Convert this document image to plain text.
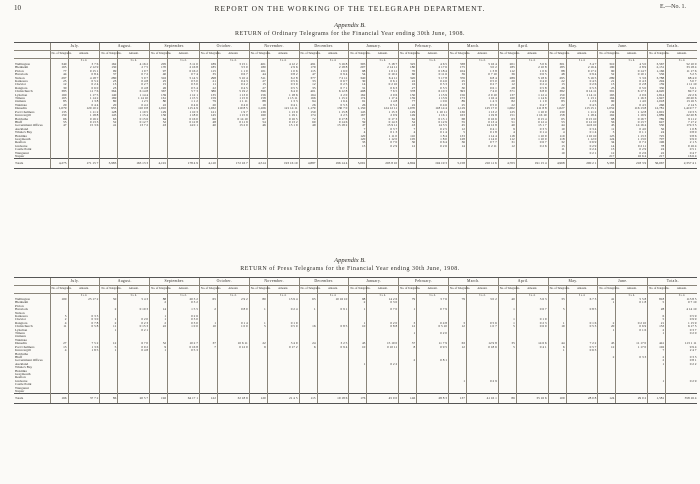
10	REPORT ON THE WORKING OF THE TELEGRAPH DEPARTMENT.	E.—No. 1.
Appendix B.
RETURN of Ordinary Telegrams for the Financial Year ending 30th June, 1908.
	July.		August.		September.		October.		November.		December.		January.		February.		March.		April.		May.		June.		Totals.	
	No. of Telegrams.	Amount.	No. of Telegrams.	Amount.	No. of Telegrams.	Amount.	No. of Telegrams.	Amount.	No. of Telegrams.	Amount.	No. of Telegrams.	Amount.	No. of Telegrams.	Amount.	No. of Telegrams.	Amount.	No. of Telegrams.	Amount.	No. of Telegrams.	Amount.	No. of Telegrams.	Amount.	No. of Telegrams.	Amount.	No. of Telegrams.	Amount.
		£ s. d.		£ s. d.		£ s. d.		£ s. d.		£ s. d.		£ s. d.		£ s. d.		£ s. d.		£ s. d.		£ s. d.		£ s. d.		£ s. d.		£ s. d.
Wellington	340	3 7 6	162	4 16 2	205	3 11 0	189	3 15 1	401	4 12 2	491	3 16 8	305	5 18 7	325	4 6 5	338	5 16 4	201	5 0 6	301	3 4 7	310	4 5 0	3,567	52 10 0
Blenheim	165	2 12 9	130	2 7 5	170	2 16 8	185	3 5 0	180	2 9 6	179	2 18 8	207	2 14 11	180	2 17 6	175	3 0 2	185	2 10 8	185	2 16 4	190	2 8 9	2,131	33 18 4
Picton	77	0 15 1	99	1 0 7	97	0 16 2	115	1 1 0	101	1 0 6	115	1 6 0	98	1 0 11	70	0 18 4	104	1 3 8	112	1 0 6	88	0 17 2	90	0 14 7	1,166	11 17 6
Havelock	44	0 8 4	37	0 7 2	40	0 7 4	35	0 6 7	44	0 8 2	47	0 9 4	54	0 10 2	60	0 11 6	39	0 7 10	36	0 6 5	48	0 9 4	52	0 10 1	536	5 2 3
Nelson	297	4 18 7	280	5 0 7	316	5 14 5	298	5 10 4	311	6 2 8	377	7 2 11	340	6 4 11	320	5 17 8	376	6 8 4	289	5 18 6	295	5 16 5	289	5 3 6	3,788	68 4 0
Kaikoura	25	0 5 2	23	0 4 8	25	0 5 0	21	0 4 3	27	0 5 6	33	0 6 7	30	0 6 1	22	0 4 6	25	0 5 0	20	0 4 0	22	0 4 5	21	0 4 3	294	5 0 7
Cheviot	12	0 2 4	13	0 2 7	15	0 3 0	11	0 2 2	15	0 3 0	12	0 2 5	14	0 2 10	16	0 3 3	13	0 2 7	12	0 2 4	13	0 2 6	13	0 2 8	159	1 11 10
Rangiora	30	0 6 0	23	0 4 8	26	0 5 4	22	0 4 5	27	0 5 5	35	0 7 1	31	0 6 3	27	0 5 5	30	0 6 1	28	0 5 8	26	0 5 3	25	0 5 0	330	3 6 1
Christchurch	383	11 7 6	364	6 14 8	367	5 7 3	386	5 19 2	396	6 4 0	401	6 12 8	408	7 6 5	378	6 10 3	393	7 4 0	371	6 8 9	382	6 14 11	391	6 17 3	4,620	84 7 2
Lyttelton	160	1 17 5	140	1 14 4	139	1 12 1	135	1 13 0	156	1 18 6	164	2 2 0	162	2 0 6	150	1 15 9	156	2 0 10	137	1 12 4	150	1 14 11	165	2 0 6	1,814	22 2 6
Timaru	165	1 14 2	169	1 14 10	161	1 15 5	159	1 15 9	158	1 13 11	166	1 15 2	174	1 17 4	159	1 13 9	173	1 16 4	160	1 14 6	159	1 13 1	164	1 16 3	1,947	20 20 6
Oamaru	85	1 3 8	80	1 2 5	80	1 1 2	79	1 1 11	88	1 3 3	94	1 6 4	91	1 4 8	77	1 0 6	89	1 4 3	82	1 1 9	83	1 2 6	90	1 4 0	1,018	13 16 5
Waimate	20	0 4 4	20	0 4 2	22	0 4 6	20	0 4 0	19	0 4 1	26	0 5 3	26	0 5 2	22	0 4 6	25	0 5 0	22	0 4 7	22	0 4 5	22	0 4 5	266	2 14 5
Dunedin	1,079	120 10 2	955	110 0 8	1,010	115 4 9	1,032	110 8 5	1,106	121 14 11	1,179	130 7 0	1,150	124 12 11	1,070	118 14 4	1,119	125 17 0	1,002	111 8 8	1,027	113 15 1	1,052	116 13 8	12,781	1,419 7 7
Port Chalmers	135	1 11 2	128	1 10 5	129	1 10 3	121	1 9 7	139	1 13 0	150	1 15 8	145	1 15 3	129	1 10 11	136	1 13 2	125	1 10 0	130	1 11 2	134	1 12 8	1,601	19 3 3
Invercargill	159	1 18 8	145	1 15 4	156	1 18 0	145	1 15 9	160	1 19 1	174	2 2 5	167	2 0 9	149	1 16 1	163	1 19 8	151	1 16 10	158	1 18 4	162	1 19 9	1,889	22 20 8
Balclutha	66	0 16 2	63	0 15 6	64	0 16 0	60	0 14 10	67	0 16 5	72	0 17 8	71	0 17 3	62	0 15 1	68	0 16 6	63	0 15 4	65	0 15 10	68	0 16 7	789	9 11 2
Bluff	55	0 13 3	52	0 12 7	52	0 12 8	48	0 11 9	54	0 13 2	60	0 14 6	59	0 14 3	52	0 12 9	55	0 13 4	51	0 12 4	53	0 12 10	56	0 13 7	647	7 17 2
Government Offices	47	15 3 6	41	13 7 2	43	14 0 1	40	13 2 0	46	15 1 9	49	15 18 2	47	15 9 11	43	14 3 5	45	14 12 8	40	13 1 7	44	14 6 10	45	14 16 4	530	174 3 5
Auckland													7	0 3 7	7	0 2 5	12	0 4 1	9	0 3 3	10	0 3 4	11	0 4 0	56	1 0 8
Whale's Bay													4	0 1 3	4	0 1 4	5	0 1 8	4	0 1 4	4	0 1 4	3	0 1 1	24	0 8 0
Hokitika													120	1 11 0	110	1 8 4	133	1 14 4	118	1 10 9	119	1 10 10	125	1 13 3	725	9 8 6
Greymouth													120	1 12 0	105	1 8 0	128	1 14 0	112	1 10 0	118	1 12 0	124	1 13 0	707	9 9 0
Reefton													33	0 7 0	30	0 6 4	36	0 7 7	31	0 6 7	32	0 6 9	34	0 7 2	196	2 1 5
Gisborne													13	0 2 9	12	0 2 6	14	0 2 11	12	0 2 6	13	0 2 9	14	0 2 11	78	0 16 4
Castle Point																					11	0 2 4	13	0 2 9	24	0 5 1
Wanganui																					10	0 2 1	12	0 2 6	22	0 4 7
Napier																							217	16 6 4	217	16 6 4
Totals	4,275	171 15 7	3,983	163 13 3	4,191	178 4 9	4,110	172 16 7	4,514	193 16 10	4,887	196 14 4	5,091	203 8 10	4,804	194 19 3	5,158	210 11 6	4,703	191 15 4	4,968	200 2 1	5,383	218 3 9	56,067	2,357 4 1
Appendix B.
RETURN of Press Telegrams for the Financial Year ending 30th June, 1908.
	July.		August.		September.		October.		November.		December.		January.		February.		March.		April.		May.		June.		Totals.	
	No. of Telegrams.	Amount.	No. of Telegrams.	Amount.	No. of Telegrams.	Amount.	No. of Telegrams.	Amount.	No. of Telegrams.	Amount.	No. of Telegrams.	Amount.	No. of Telegrams.	Amount.	No. of Telegrams.	Amount.	No. of Telegrams.	Amount.	No. of Telegrams.	Amount.	No. of Telegrams.	Amount.	No. of Telegrams.	Amount.	No. of Telegrams.	Amount.
		£ s. d.		£ s. d.		£ s. d.		£ s. d.		£ s. d.		£ s. d.		£ s. d.		£ s. d.		£ s. d.		£ s. d.		£ s. d.		£ s. d.		£ s. d.
Wellington	100	25 17 2	50	5 4 3	88	20 3 2	65	2 9 2	80	13 9 4	65	10 16 10	98	14 2 6	79	3 7 6	79	3 0 2	40	3 6 3	33	6 7 3	41	5 5 8	818	113 8 5
Blenheim					2	0 3 2							2	0 3 0									1	0 1 8	5	0 7 10
Picton																										
Havelock			2	0 10 3	14	1 5 5	2	0 8 0	1	0 2 4	1	0 9 1	1	0 7 0	1	0 7 9			1	0 6 7	5	0 8 5			28	4 14 10
Nelson																										
Kaikoura	5	0 3 3			1	0 2 6																			6	0 5 9
Cheviot	2	0 3 0	1	0 2 0	1	0 3 0													1	0 1 9					5	0 9 9
Rangiora	4	0 7 8	2	0 2 3	2	0 3 0	1	0 1 4	1	0 1 9			1	0 2 0	3	0 4 8	3	0 5 6	1	0 2 3	1	0 1 6	2	0 2 10	21	1 15 9
Christchurch	11	0 5 8	11	0 15 3	22	1 0 0	10	1 0 0	5	0 5 0	16	0 8 5	10	0 8 8	12	0 5 10	12	1 0 7	5	0 6 0	19	0 5 3	20	0 6 9	153	6 17 5
Lyttelton			1	0 2 1																			1	0 1 6	2	0 3 7
Timaru															1	0 2 0									1	0 2 0
Oamaru																										
Waimate																										
Dunedin	27	7 5 2	12	6 7 0	52	10 2 7	37	10 6 11	22	3 4 9	24	3 2 5	43	15 10 0	37	11 7 9	63	12 9 8	35	14 6 6	44	7 2 2	45	11 17 0	441	113 1 11
Port Chalmers	13	1 3 6	5	0 9 2	9	0 16 8	7	0 12 0	9	0 17 2	6	0 9 4	10	0 10 11	8	0 9 5	12	0 18 6	5	0 4 1	6	0 5 7	12	1 17 0	102	9 9 4
Invercargill	4	1 8 5	1	0 4 8	1	0 5 3															1	0 6 3			7	2 4 7
Balclutha																										
Bluff																							2	0 3 3	2	0 3 3
Government Offices															2	0 8 1									2	0 8 1
Auckland													1	0 2 2											1	0 2 2
Whale's Bay																										
Hokitika																										
Greymouth																										
Reefton																										
Gisborne																	1	0 2 9							1	0 2 9
Castle Point																										
Wanganui																										
Napier																										
Totals	166	37 7 2	86	20 5 7	192	64 17 1	122	32 18 9	120	21 4 5	113	19 18 6	176	45 0 0	146	28 8 3	137	41 16 1	86	35 16 6	109	28 0 8	124	29 0 2	1,581	358 16 4
